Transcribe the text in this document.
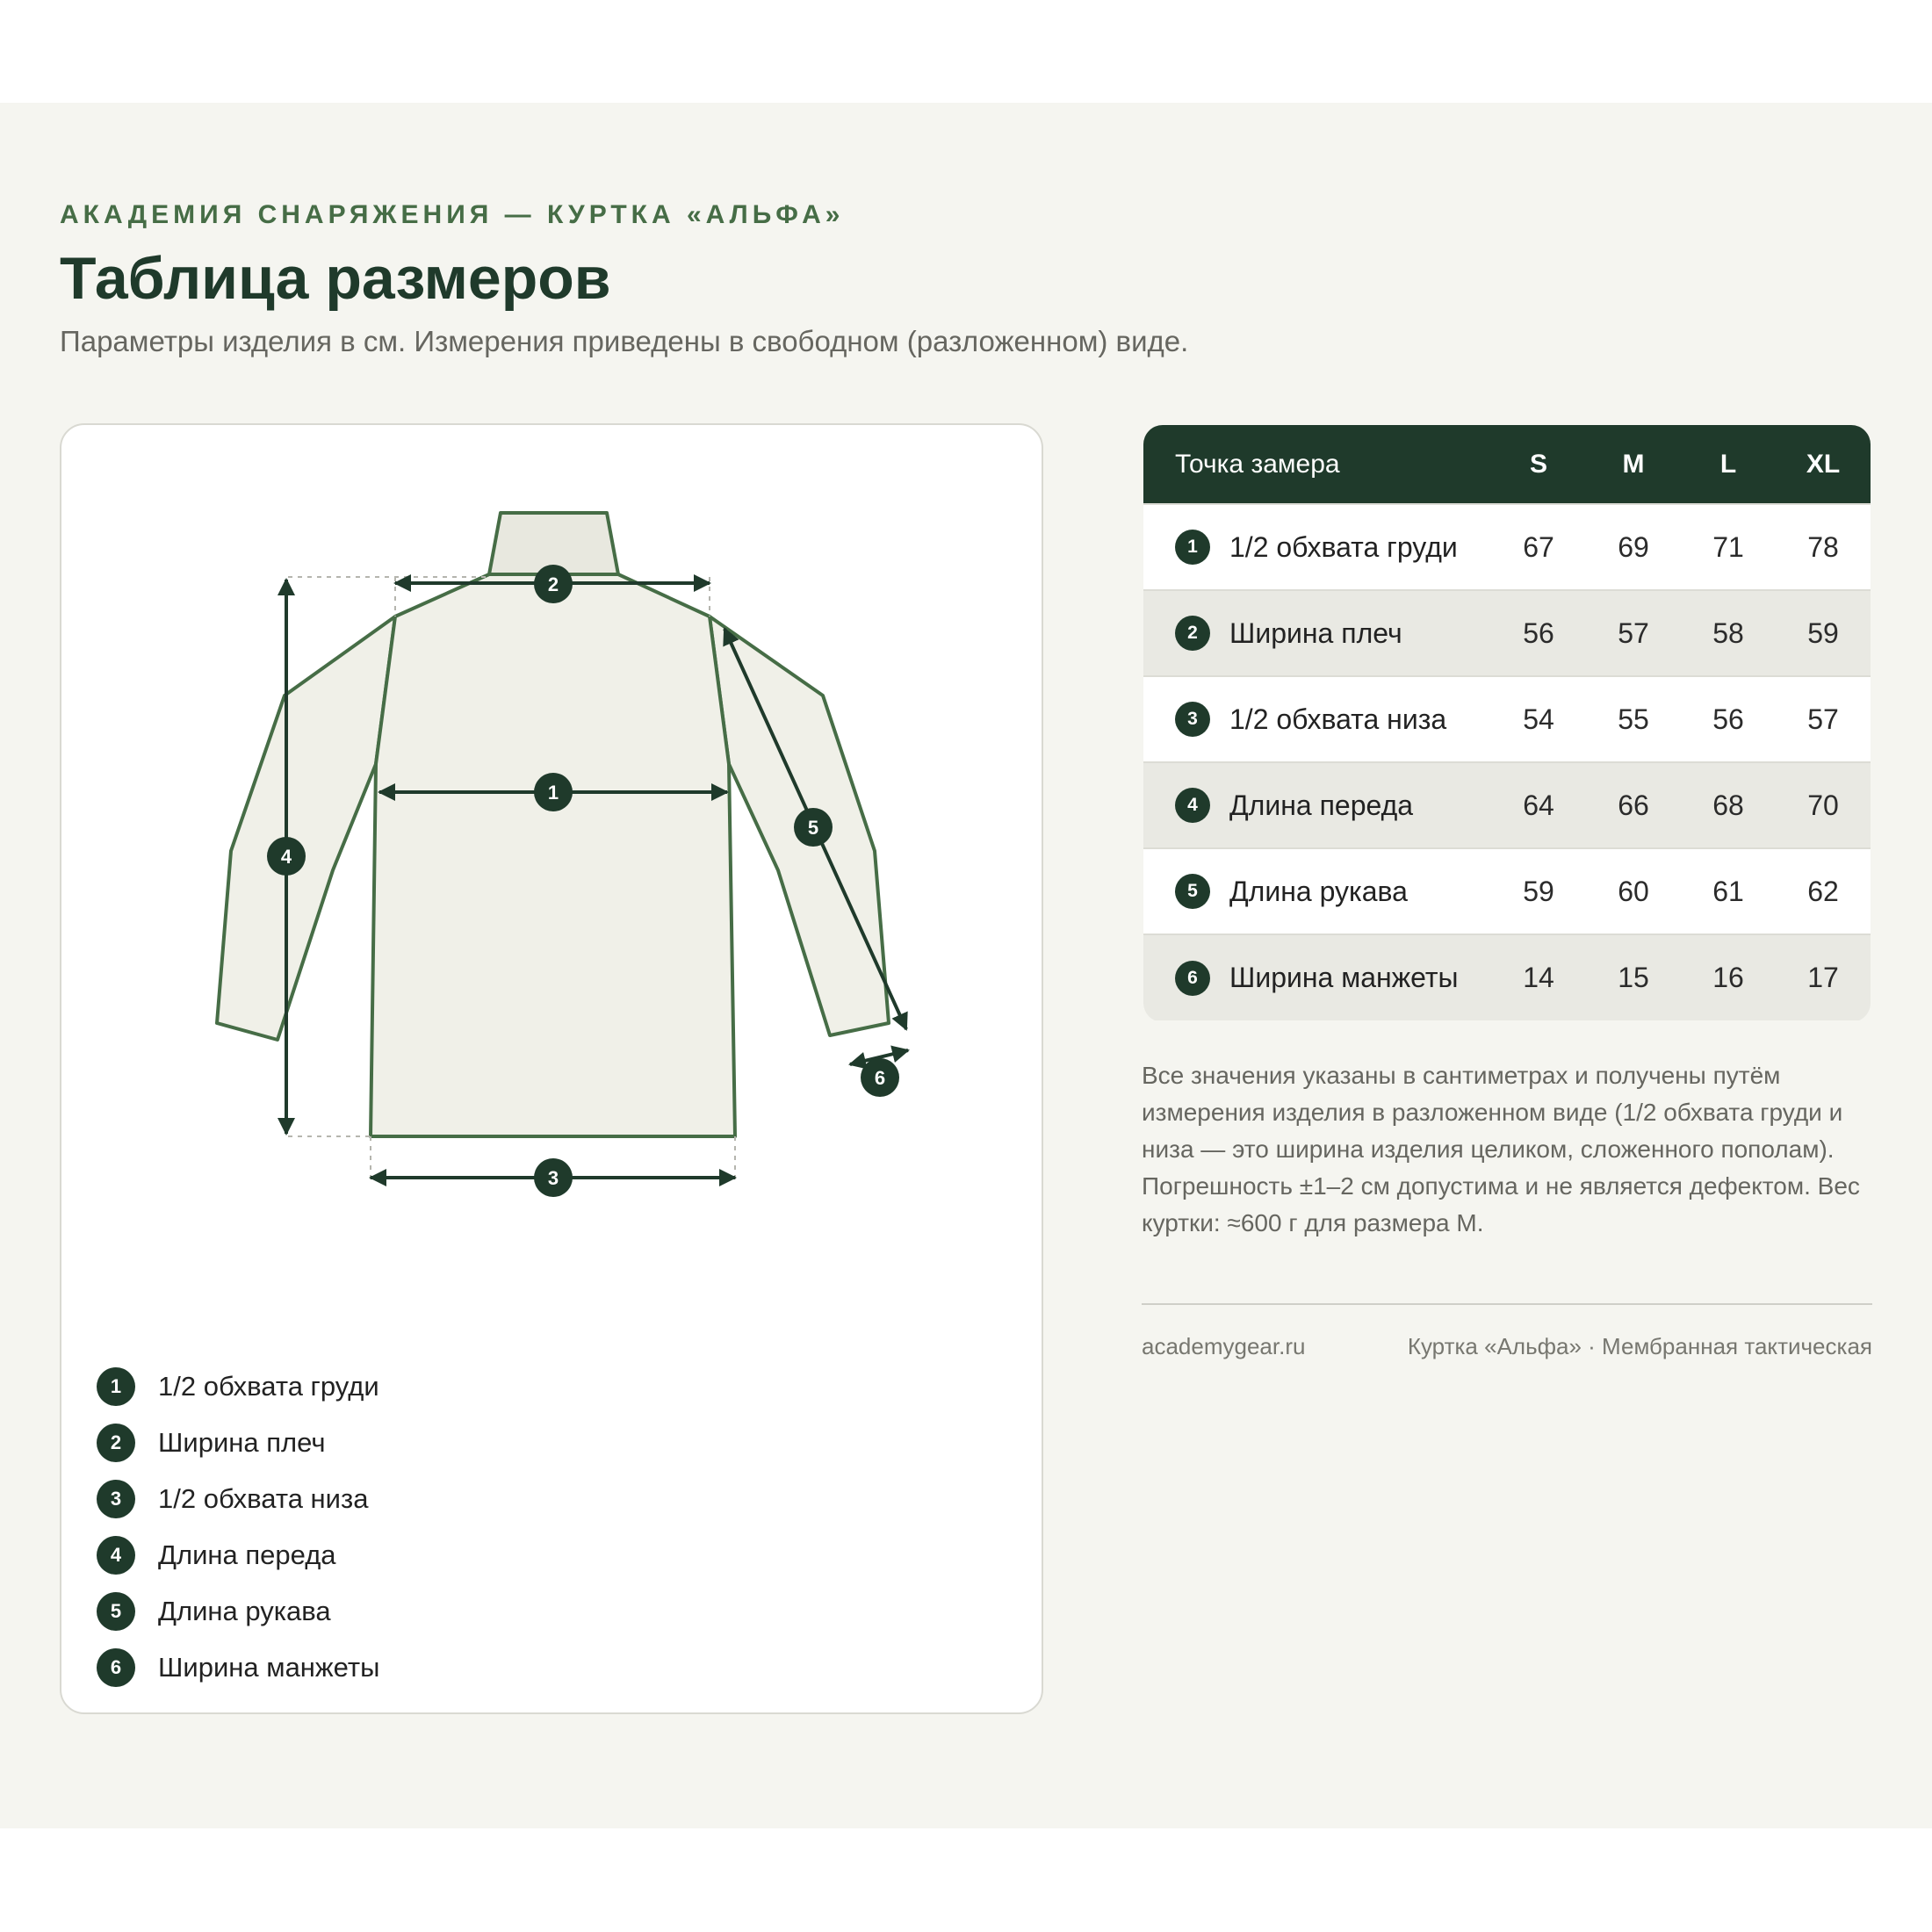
АКАДЕМИЯ СНАРЯЖЕНИЯ — КУРТКА «АЛЬФА»
Таблица размеров
Параметры изделия в см. Измерения приведены в свободном (разложенном) виде.
1
2
3
4
5
6
1	1/2 обхвата груди
2	Ширина плеч
3	1/2 обхвата низа
4	Длина переда
5	Длина рукава
6	Ширина манжеты
Точка замера	S	M	L	XL

1 1/2 обхвата груди	67	69	71	78

2 Ширина плеч	56	57	58	59

3 1/2 обхвата низа	54	55	56	57

4 Длина переда	64	66	68	70

5 Длина рукава	59	60	61	62

6 Ширина манжеты	14	15	16	17

Все значения указаны в сантиметрах и получены путём измерения изделия в разложенном виде (1/2 обхвата груди и низа — это ширина изделия целиком, сложенного пополам). Погрешность ±1–2 см допустима и не является дефектом. Вес куртки: ≈600 г для размера M.

academygear.ru	Куртка «Альфа» · Мембранная тактическая
